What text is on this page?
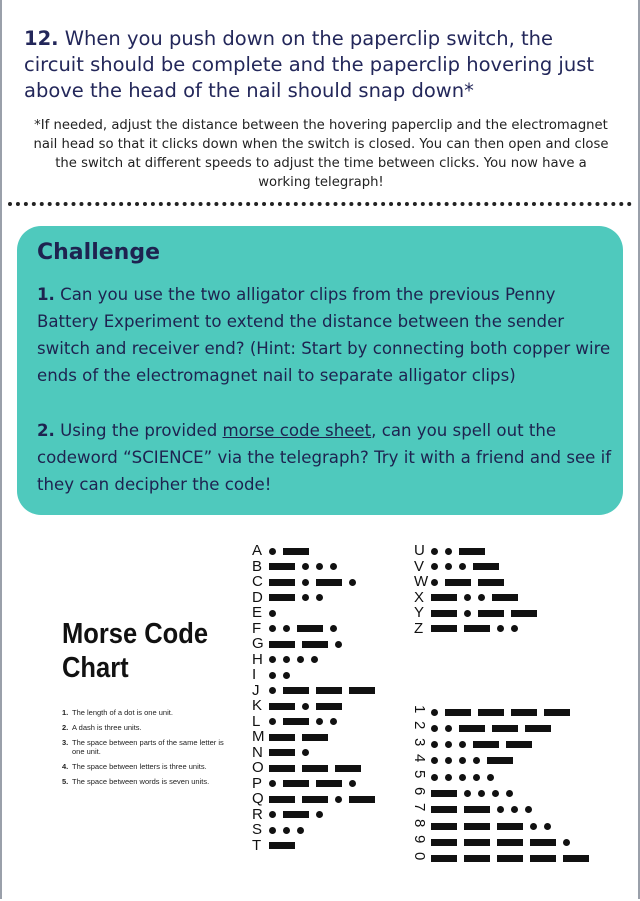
12. When you push down on the paperclip switch, the circuit should be complete and the paperclip hovering just above the head of the nail should snap down*
*If needed, adjust the distance between the hovering paperclip and the electromagnet nail head so that it clicks down when the switch is closed. You can then open and close the switch at different speeds to adjust the time between clicks. You now have a working telegraph!
Challenge
1. Can you use the two alligator clips from the previous Penny Battery Experiment to extend the distance between the sender switch and receiver end? (Hint: Start by connecting both copper wire ends of the electromagnet nail to separate alligator clips)
2. Using the provided morse code sheet, can you spell out the codeword “SCIENCE” via the telegraph? Try it with a friend and see if they can decipher the code!
Morse Code
Chart
1. The length of a dot is one unit.
2. A dash is three units.
3. The space between parts of the same letter is one unit.
4. The space between letters is three units.
5. The space between words is seven units.
A
B
C
D
E
F
G
H
I
J
K
L
M
N
O
P
Q
R
S
T
U
V
W
X
Y
Z
1
2
3
4
5
6
7
8
9
0
